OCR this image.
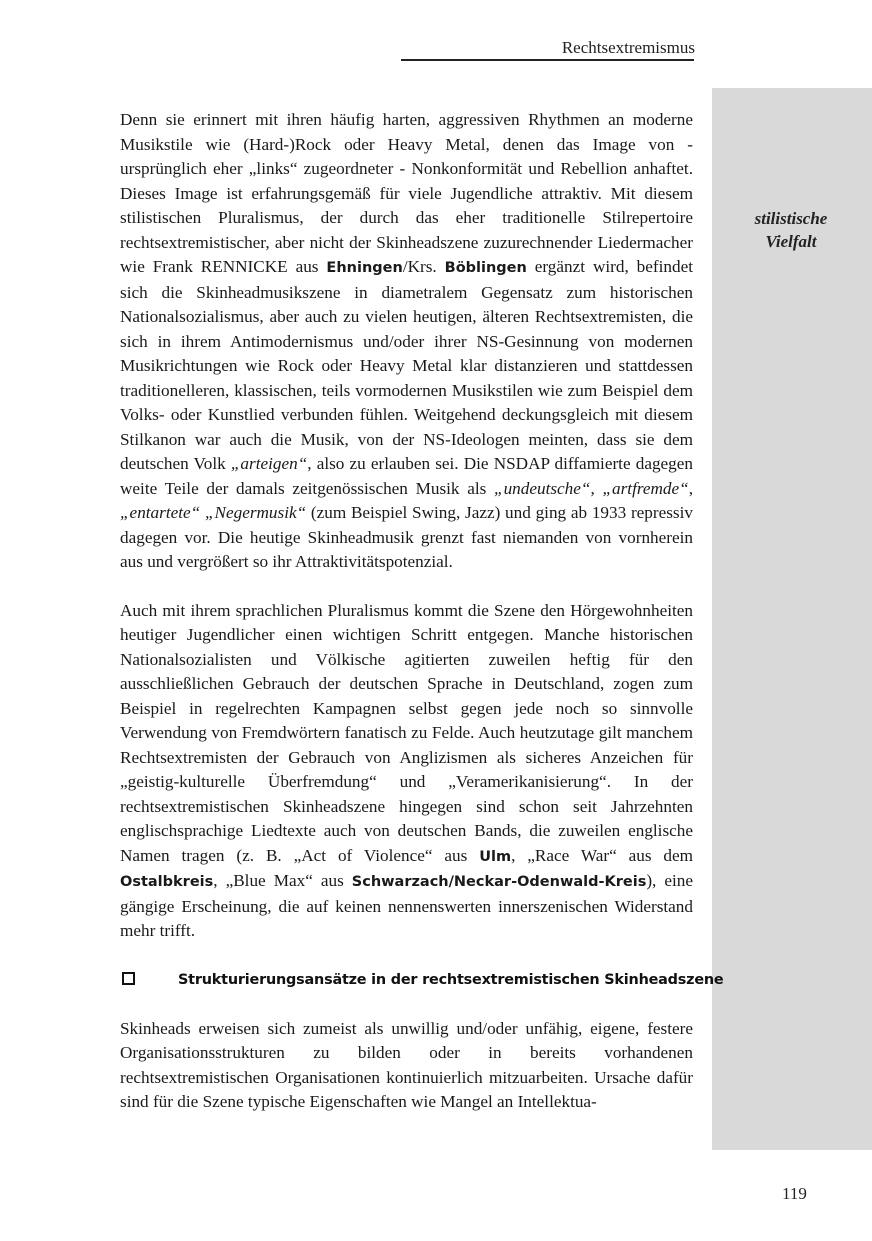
Rechtsextremismus
stilistische
Vielfalt

Denn sie erinnert mit ihren häufig harten, aggressiven Rhythmen an moderne Musikstile wie (Hard-)Rock oder Heavy Metal, denen das Image von - ursprünglich eher „links“ zugeordneter - Nonkonformität und Rebellion anhaftet. Dieses Image ist erfahrungsgemäß für viele Jugendliche attraktiv. Mit diesem stilistischen Pluralismus, der durch das eher traditionelle Stilrepertoire rechtsextremistischer, aber nicht der Skinheadszene zuzurechnender Liedermacher wie Frank RENNICKE aus Ehningen/Krs. Böblingen ergänzt wird, befindet sich die Skinheadmusikszene in diametralem Gegensatz zum historischen Nationalsozialismus, aber auch zu vielen heutigen, älteren Rechtsextremisten, die sich in ihrem Antimodernismus und/oder ihrer NS-Gesinnung von modernen Musikrichtungen wie Rock oder Heavy Metal klar distanzieren und stattdessen traditionelleren, klassischen, teils vormodernen Musikstilen wie zum Beispiel dem Volks- oder Kunstlied verbunden fühlen. Weitgehend deckungsgleich mit diesem Stilkanon war auch die Musik, von der NS-Ideologen meinten, dass sie dem deutschen Volk „arteigen“, also zu erlauben sei. Die NSDAP diffamierte dagegen weite Teile der damals zeitgenössischen Musik als „undeutsche“, „artfremde“, „entartete“ „Negermusik“ (zum Beispiel Swing, Jazz) und ging ab 1933 repressiv dagegen vor. Die heutige Skinheadmusik grenzt fast niemanden von vornherein aus und vergrößert so ihr Attraktivitätspotenzial.

Auch mit ihrem sprachlichen Pluralismus kommt die Szene den Hörgewohnheiten heutiger Jugendlicher einen wichtigen Schritt entgegen. Manche historischen Nationalsozialisten und Völkische agitierten zuweilen heftig für den ausschließlichen Gebrauch der deutschen Sprache in Deutschland, zogen zum Beispiel in regelrechten Kampagnen selbst gegen jede noch so sinnvolle Verwendung von Fremdwörtern fanatisch zu Felde. Auch heutzutage gilt manchem Rechtsextremisten der Gebrauch von Anglizismen als sicheres Anzeichen für „geistig-kulturelle Überfremdung“ und „Veramerikanisierung“. In der rechtsextremistischen Skinheadszene hingegen sind schon seit Jahrzehnten englischsprachige Liedtexte auch von deutschen Bands, die zuweilen englische Namen tragen (z. B. „Act of Violence“ aus Ulm, „Race War“ aus dem Ostalbkreis, „Blue Max“ aus Schwarzach/Neckar-Odenwald-Kreis), eine gängige Erscheinung, die auf keinen nennenswerten innerszenischen Widerstand mehr trifft.

Strukturierungsansätze in der rechtsextremistischen Skinheadszene

Skinheads erweisen sich zumeist als unwillig und/oder unfähig, eigene, festere Organisationsstrukturen zu bilden oder in bereits vorhandenen rechtsextremistischen Organisationen kontinuierlich mitzuarbeiten. Ursache dafür sind für die Szene typische Eigenschaften wie Mangel an Intellektua-

119
